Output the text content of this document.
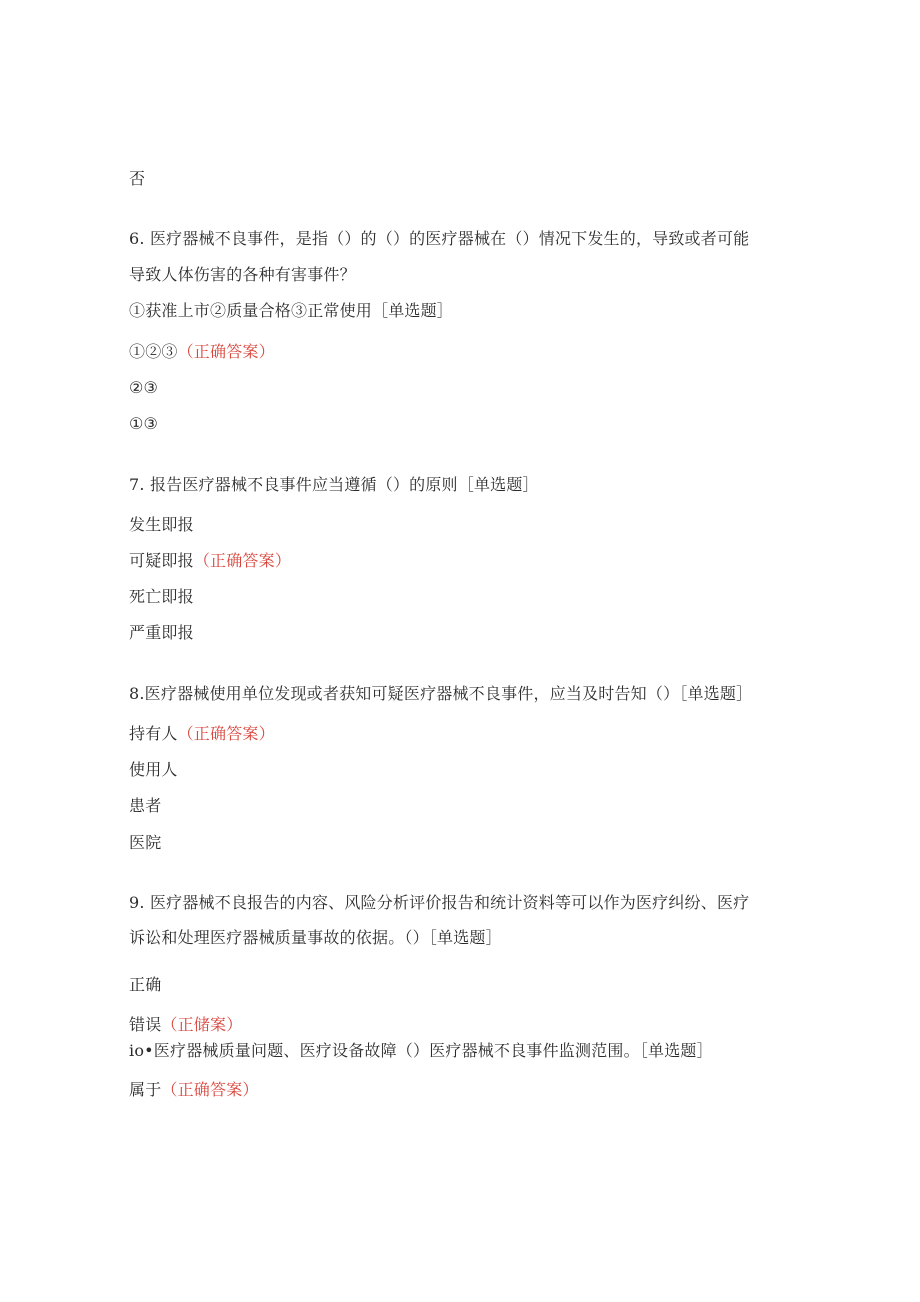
否
6. 医疗器械不良事件，是指（）的（）的医疗器械在（）情况下发生的，导致或者可能
导致人体伤害的各种有害事件？
①获准上市②质量合格③正常使用［单选题］
①②③（正确答案）
②③
①③
7. 报告医疗器械不良事件应当遵循（）的原则［单选题］
发生即报
可疑即报（正确答案）
死亡即报
严重即报
8.医疗器械使用单位发现或者获知可疑医疗器械不良事件，应当及时告知（）［单选题］
持有人（正确答案）
使用人
患者
医院
9. 医疗器械不良报告的内容、风险分析评价报告和统计资料等可以作为医疗纠纷、医疗
诉讼和处理医疗器械质量事故的依据。（）［单选题］
正确
错误（正储案）
io•医疗器械质量问题、医疗设备故障（）医疗器械不良事件监测范围。［单选题］
属于（正确答案）
